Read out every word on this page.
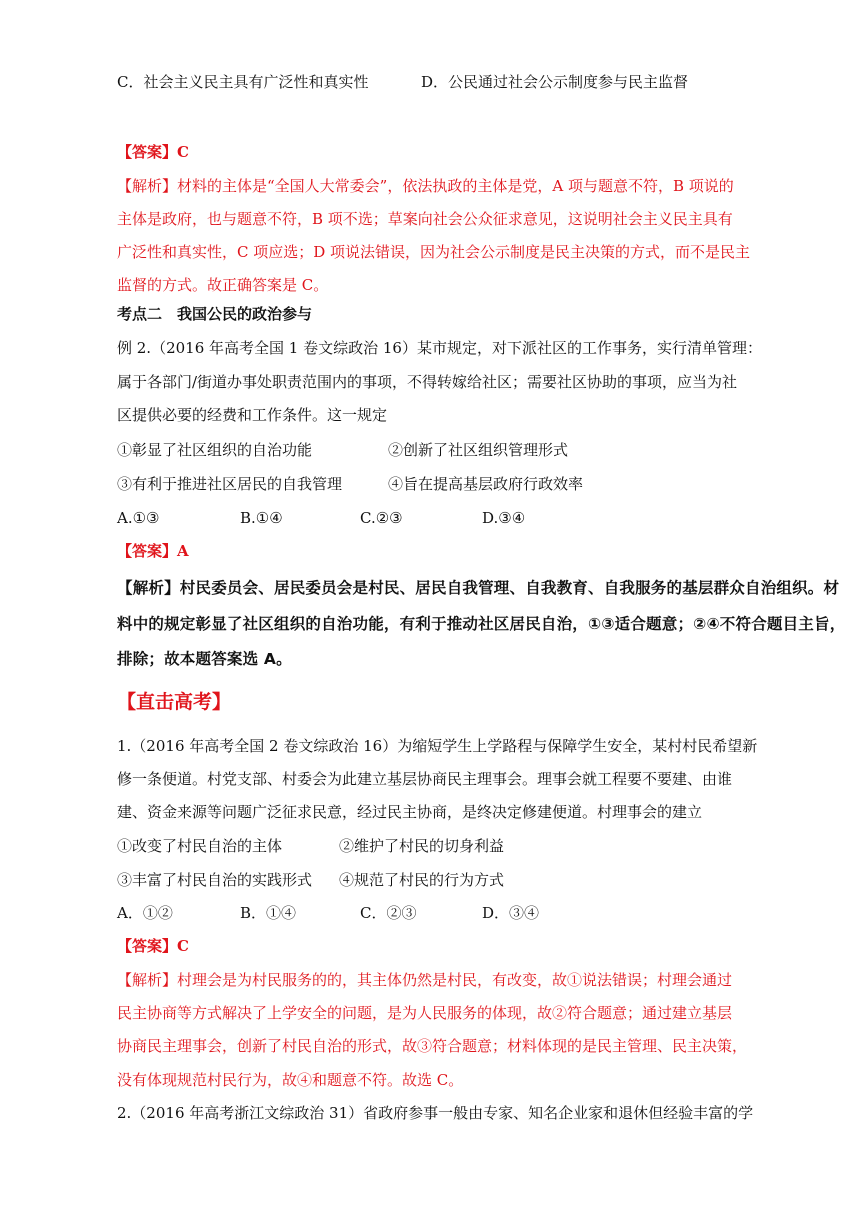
C．社会主义民主具有广泛性和真实性	D．公民通过社会公示制度参与民主监督
【答案】C
【解析】材料的主体是“全国人大常委会”，依法执政的主体是党，A 项与题意不符，B 项说的
主体是政府，也与题意不符，B 项不选；草案向社会公众征求意见，这说明社会主义民主具有
广泛性和真实性，C 项应选；D 项说法错误，因为社会公示制度是民主决策的方式，而不是民主
监督的方式。故正确答案是 C。
考点二　我国公民的政治参与
例 2.（2016 年高考全国 1 卷文综政治 16）某市规定，对下派社区的工作事务，实行清单管理：
属于各部门/街道办事处职责范围内的事项，不得转嫁给社区；需要社区协助的事项，应当为社
区提供必要的经费和工作条件。这一规定
①彰显了社区组织的自治功能	②创新了社区组织管理形式
③有利于推进社区居民的自我管理	④旨在提高基层政府行政效率
A.①③	B.①④	C.②③	D.③④
【答案】A
【解析】村民委员会、居民委员会是村民、居民自我管理、自我教育、自我服务的基层群众自治组织。材
料中的规定彰显了社区组织的自治功能，有利于推动社区居民自治，①③适合题意；②④不符合题目主旨，
排除；故本题答案选 A。
【直击高考】
1.（2016 年高考全国 2 卷文综政治 16）为缩短学生上学路程与保障学生安全，某村村民希望新
修一条便道。村党支部、村委会为此建立基层协商民主理事会。理事会就工程要不要建、由谁
建、资金来源等问题广泛征求民意，经过民主协商，是终决定修建便道。村理事会的建立
①改变了村民自治的主体	②维护了村民的切身利益
③丰富了村民自治的实践形式 ④规范了村民的行为方式
A．①②	B．①④	C．②③	D．③④
【答案】C
【解析】村理会是为村民服务的的，其主体仍然是村民，有改变，故①说法错误；村理会通过
民主协商等方式解决了上学安全的问题，是为人民服务的体现，故②符合题意；通过建立基层
协商民主理事会，创新了村民自治的形式，故③符合题意；材料体现的是民主管理、民主决策，
没有体现规范村民行为，故④和题意不符。故选 C。
2.（2016 年高考浙江文综政治 31）省政府参事一般由专家、知名企业家和退休但经验丰富的学
